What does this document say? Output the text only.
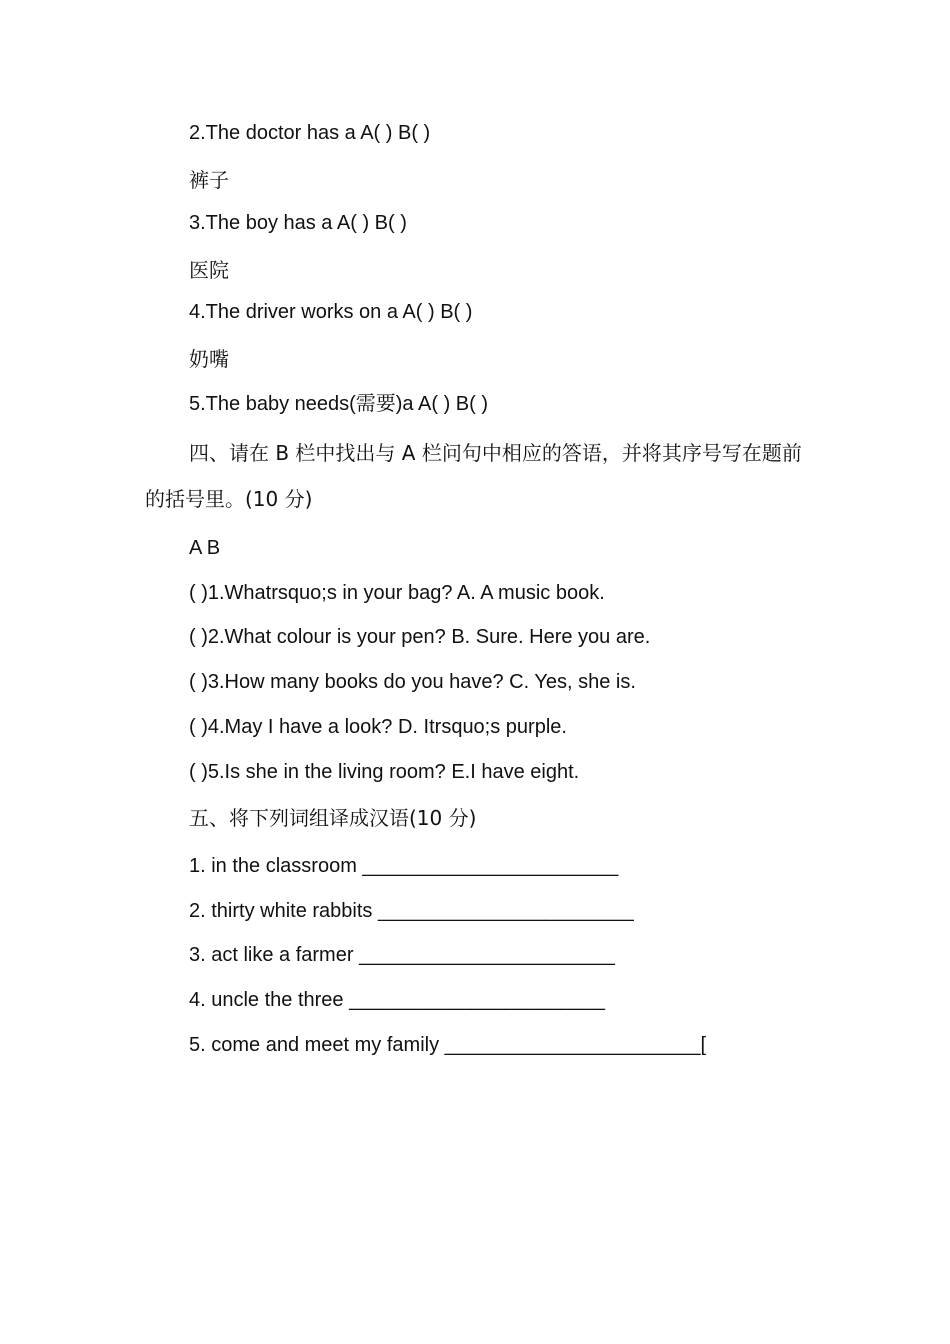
2.The doctor has a A( ) B( )
裤子
3.The boy has a A( ) B( )
医院
4.The driver works on a A( ) B( )
奶嘴
5.The baby needs(需要)a A( ) B( )
四、请在 B 栏中找出与 A 栏问句中相应的答语，并将其序号写在题前的括号里。(10 分)
A B
( )1.Whatrsquo;s in your bag? A. A music book.
( )2.What colour is your pen? B. Sure. Here you are.
( )3.How many books do you have? C. Yes, she is.
( )4.May I have a look? D. Itrsquo;s purple.
( )5.Is she in the living room? E.I have eight.
五、将下列词组译成汉语(10 分)
1. in the classroom _______________________
2. thirty white rabbits _______________________
3. act like a farmer _______________________
4. uncle the three _______________________
5. come and meet my family _______________________[
